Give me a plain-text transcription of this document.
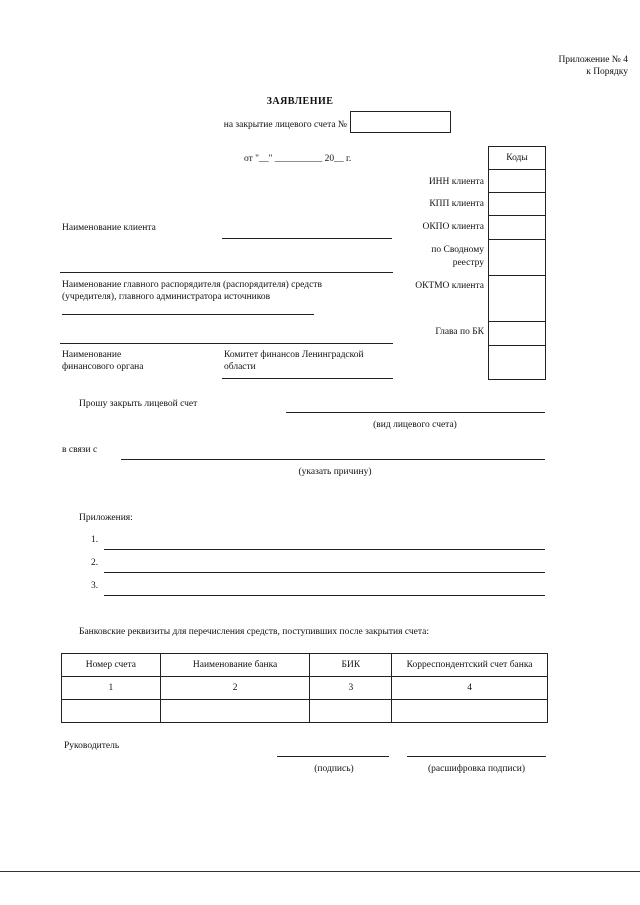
Приложение № 4
к Порядку
ЗАЯВЛЕНИЕ
на закрытие лицевого счета №
от "__" __________ 20__ г.	Коды

ИНН клиента
КПП клиента
ОКПО клиента
по Сводному
реестру
ОКТМО клиента
Глава по БК
Наименование клиента
Наименование главного распорядителя (распорядителя) средств
(учредителя), главного администратора источников
Наименование
финансового органа
Комитет финансов Ленинградской
области
Прошу закрыть лицевой счет
(вид лицевого счета)
в связи с
(указать причину)
Приложения:
1.
2.
3.
Банковские реквизиты для перечисления средств, поступивших после закрытия счета:
Номер счета	Наименование банка	БИК	Корреспондентский счет банка
1	2	3	4

Руководитель
(подпись)	(расшифровка подписи)
